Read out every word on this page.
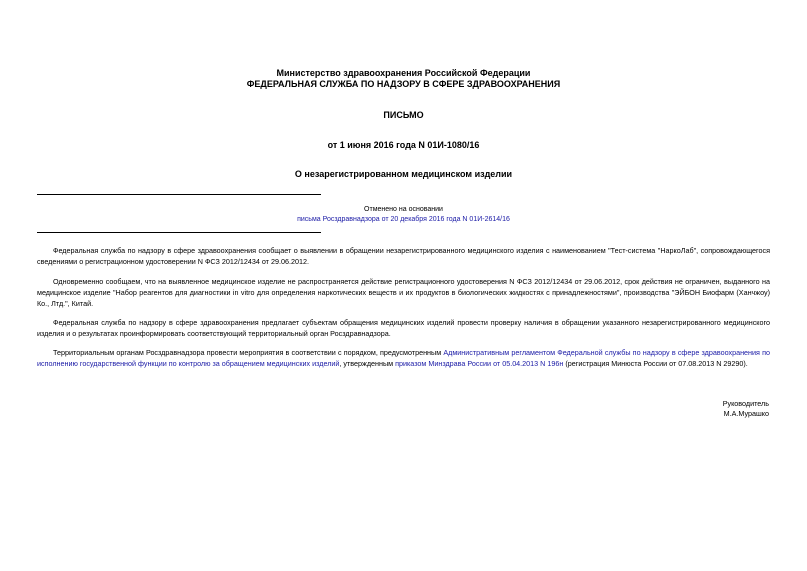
Министерство здравоохранения Российской Федерации
ФЕДЕРАЛЬНАЯ СЛУЖБА ПО НАДЗОРУ В СФЕРЕ ЗДРАВООХРАНЕНИЯ
ПИСЬМО
от 1 июня 2016 года N 01И-1080/16
О незарегистрированном медицинском изделии
Отменено на основании
письма Росздравнадзора от 20 декабря 2016 года N 01И-2614/16

Федеральная служба по надзору в сфере здравоохранения сообщает о выявлении в обращении незарегистрированного медицинского изделия с наименованием "Тест-система "НаркоЛаб", сопровождающегося сведениями о регистрационном удостоверении N ФСЗ 2012/12434 от 29.06.2012.

Одновременно сообщаем, что на выявленное медицинское изделие не распространяется действие регистрационного удостоверения N ФСЗ 2012/12434 от 29.06.2012, срок действия не ограничен, выданного на медицинское изделие "Набор реагентов для диагностики in vitro для определения наркотических веществ и их продуктов в биологических жидкостях с принадлежностями", производства "ЭЙБОН Биофарм (Ханчжоу) Ко., Лтд.", Китай.

Федеральная служба по надзору в сфере здравоохранения предлагает субъектам обращения медицинских изделий провести проверку наличия в обращении указанного незарегистрированного медицинского изделия и о результатах проинформировать соответствующий территориальный орган Росздравнадзора.

Территориальным органам Росздравнадзора провести мероприятия в соответствии с порядком, предусмотренным Административным регламентом Федеральной службы по надзору в сфере здравоохранения по исполнению государственной функции по контролю за обращением медицинских изделий, утвержденным приказом Минздрава России от 05.04.2013 N 196н (регистрация Минюста России от 07.08.2013 N 29290).

Руководитель
М.А.Мурашко
